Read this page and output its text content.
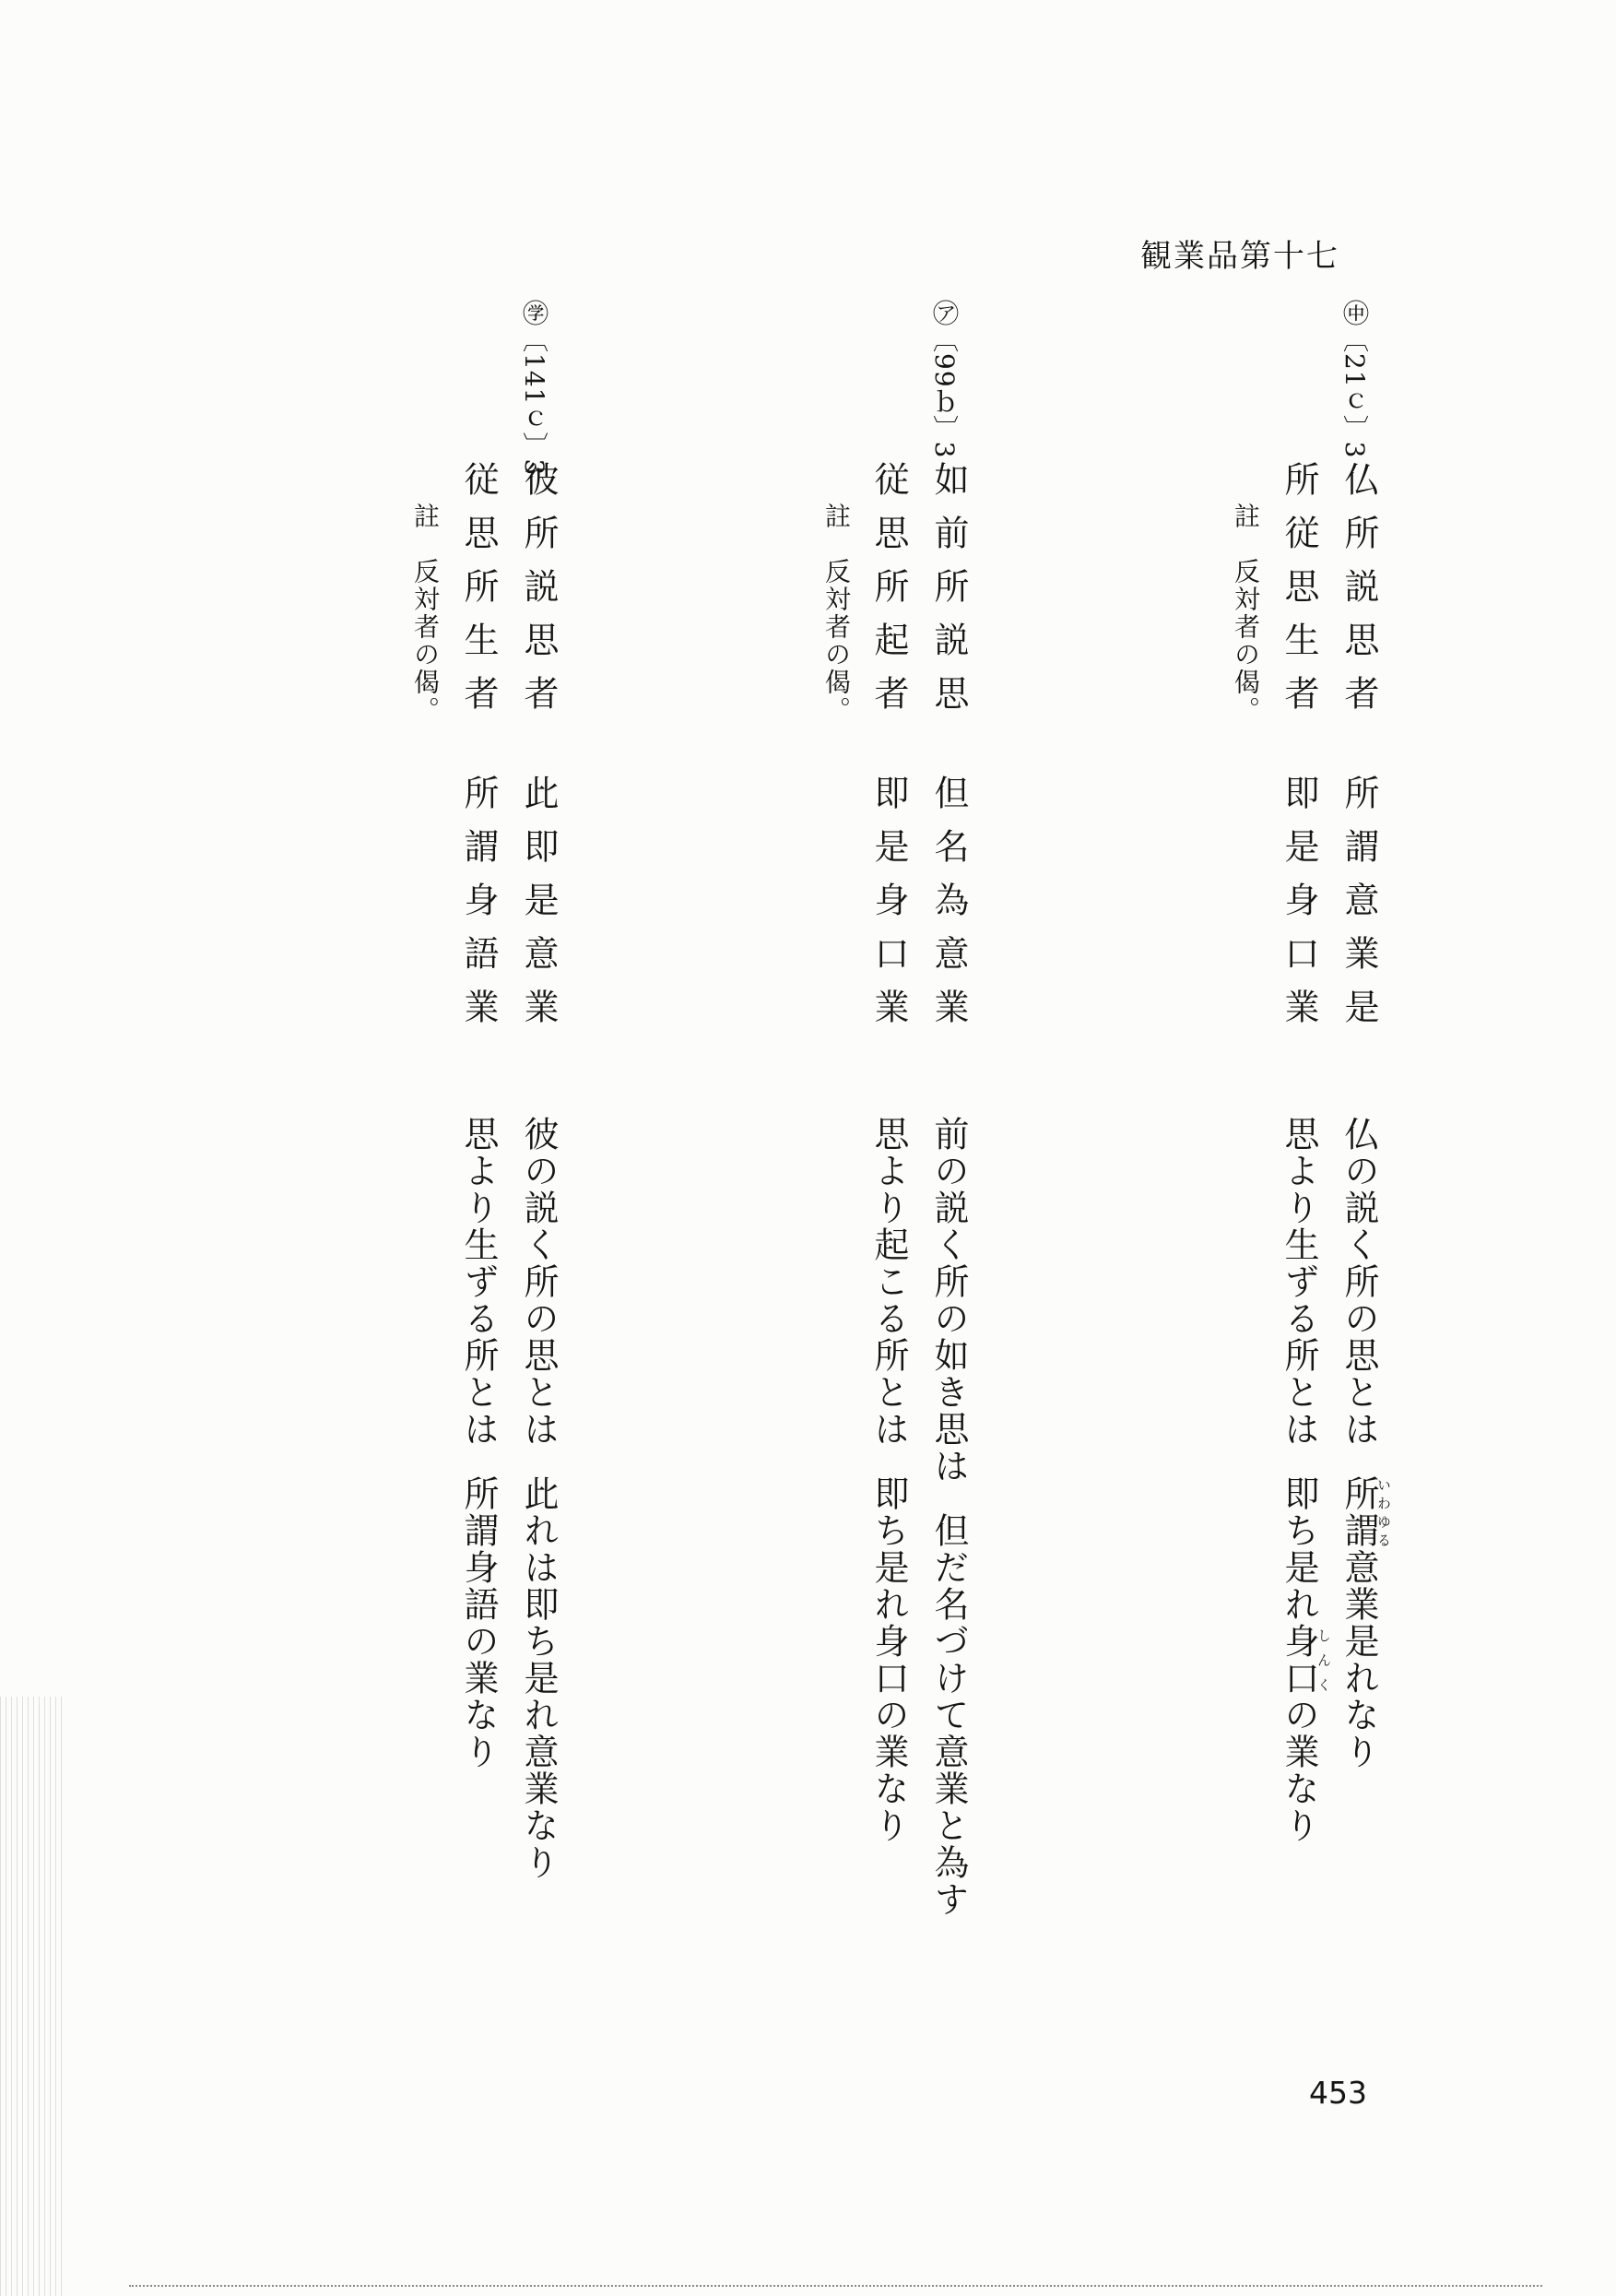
観業品第十七
㊥〔21ｃ〕3
仏所説思者
所謂意業是
所従思生者
即是身口業
註　反対者の偈。
仏の説く所の思とは所謂いわゆる意業是れなり
思より生ずる所とは即ち是れ身口しんくの業なり
㋐〔99ｂ〕3
如前所説思
但名為意業
従思所起者
即是身口業
註　反対者の偈。
前の説く所の如き思は但だ名づけて意業と為す
思より起こる所とは即ち是れ身口の業なり
㊫〔141ｃ〕3
彼所説思者
此即是意業
従思所生者
所謂身語業
註　反対者の偈。
彼の説く所の思とは此れは即ち是れ意業なり
思より生ずる所とは所謂身語の業なり
453
